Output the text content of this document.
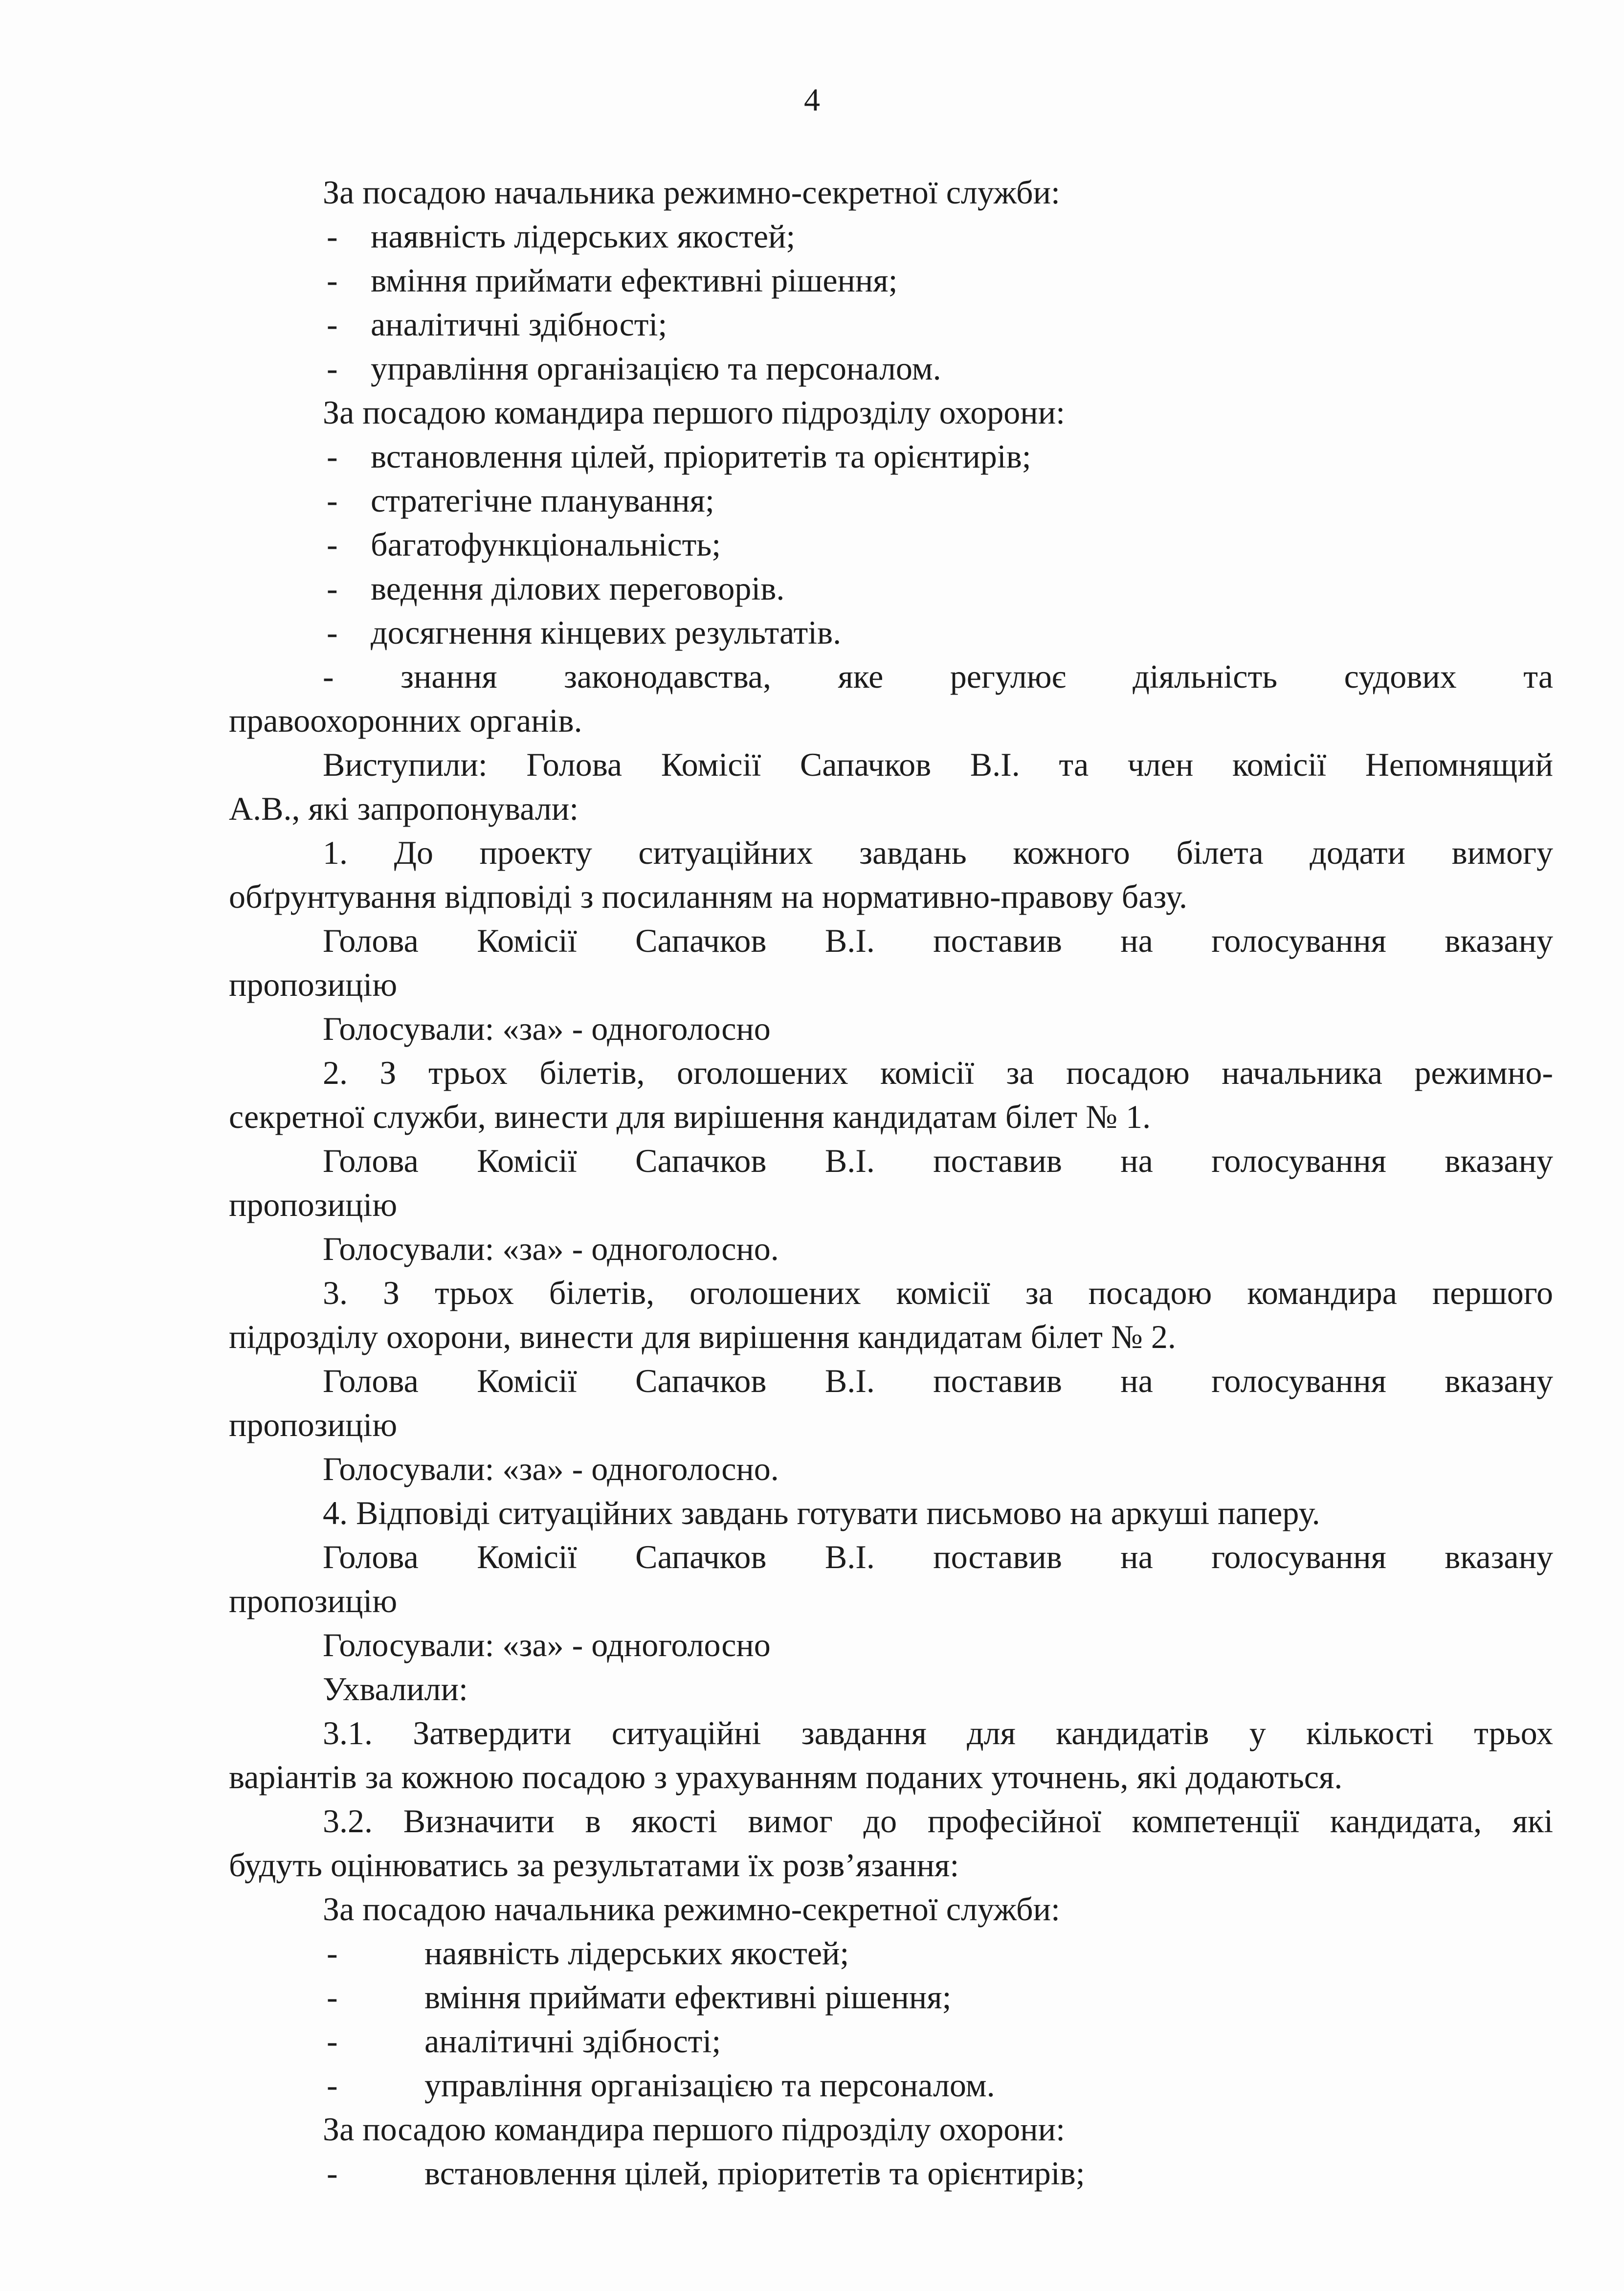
4
За посадою начальника режимно-секретної служби:
- наявність лідерських якостей;
- вміння приймати ефективні рішення;
- аналітичні здібності;
- управління організацією та персоналом.
За посадою командира першого підрозділу охорони:
- встановлення цілей, пріоритетів та орієнтирів;
- стратегічне планування;
- багатофункціональність;
- ведення ділових переговорів.
- досягнення кінцевих результатів.
- знання законодавства, яке регулює діяльність судових та
правоохоронних органів.
Виступили: Голова Комісії Сапачков В.І. та член комісії Непомнящий
А.В., які запропонували:
1. До проекту ситуаційних завдань кожного білета додати вимогу
обґрунтування відповіді з посиланням на нормативно-правову базу.
Голова Комісії Сапачков В.І. поставив на голосування вказану
пропозицію
Голосували: «за» - одноголосно
2. З трьох білетів, оголошених комісії за посадою начальника режимно-
секретної служби, винести для вирішення кандидатам білет № 1.
Голова Комісії Сапачков В.І. поставив на голосування вказану
пропозицію
Голосували: «за» - одноголосно.
3. З трьох білетів, оголошених комісії за посадою командира першого
підрозділу охорони, винести для вирішення кандидатам білет № 2.
Голова Комісії Сапачков В.І. поставив на голосування вказану
пропозицію
Голосували: «за» - одноголосно.
4. Відповіді ситуаційних завдань готувати письмово на аркуші паперу.
Голова Комісії Сапачков В.І. поставив на голосування вказану
пропозицію
Голосували: «за» - одноголосно
Ухвалили:
3.1. Затвердити ситуаційні завдання для кандидатів у кількості трьох
варіантів за кожною посадою з урахуванням поданих уточнень, які додаються.
3.2. Визначити в якості вимог до професійної компетенції кандидата, які
будуть оцінюватись за результатами їх розв’язання:
За посадою начальника режимно-секретної служби:
-	наявність лідерських якостей;
-	вміння приймати ефективні рішення;
-	аналітичні здібності;
-	управління організацією та персоналом.
За посадою командира першого підрозділу охорони:
-	встановлення цілей, пріоритетів та орієнтирів;
